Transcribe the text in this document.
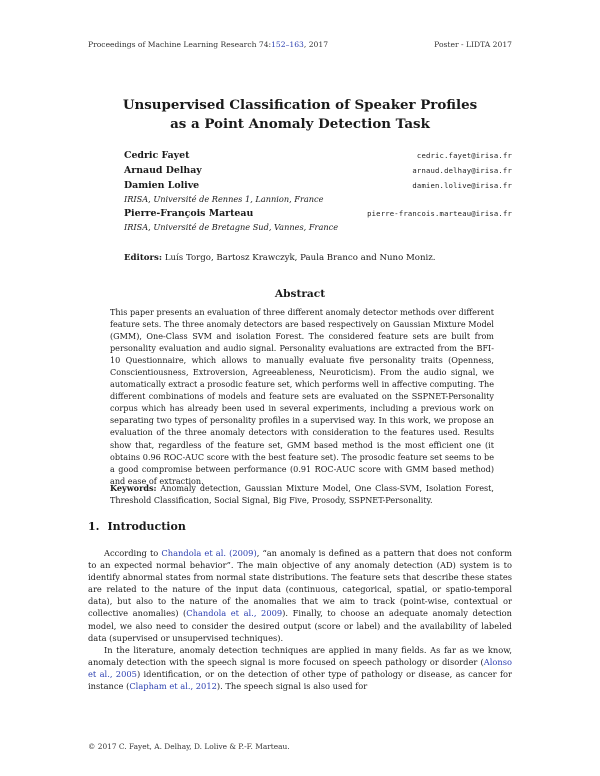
Proceedings of Machine Learning Research 74:152–163, 2017	Poster - LIDTA 2017
Unsupervised Classification of Speaker Profiles
as a Point Anomaly Detection Task
Cedric Fayet	cedric.fayet@irisa.fr
Arnaud Delhay	arnaud.delhay@irisa.fr
Damien Lolive	damien.lolive@irisa.fr
IRISA, Université de Rennes 1, Lannion, France
Pierre-François Marteau	pierre-francois.marteau@irisa.fr
IRISA, Université de Bretagne Sud, Vannes, France
Editors: Luís Torgo, Bartosz Krawczyk, Paula Branco and Nuno Moniz.
Abstract
This paper presents an evaluation of three different anomaly detector methods over different feature sets. The three anomaly detectors are based respectively on Gaussian Mixture Model (GMM), One-Class SVM and isolation Forest. The considered feature sets are built from personality evaluation and audio signal. Personality evaluations are extracted from the BFI-10 Questionnaire, which allows to manually evaluate five personality traits (Openness, Conscientiousness, Extroversion, Agreeableness, Neuroticism). From the audio signal, we automatically extract a prosodic feature set, which performs well in affective computing. The different combinations of models and feature sets are evaluated on the SSPNET-Personality corpus which has already been used in several experiments, including a previous work on separating two types of personality profiles in a supervised way. In this work, we propose an evaluation of the three anomaly detectors with consideration to the features used. Results show that, regardless of the feature set, GMM based method is the most efficient one (it obtains 0.96 ROC-AUC score with the best feature set). The prosodic feature set seems to be a good compromise between performance (0.91 ROC-AUC score with GMM based method) and ease of extraction.
Keywords: Anomaly detection, Gaussian Mixture Model, One Class-SVM, Isolation Forest, Threshold Classification, Social Signal, Big Five, Prosody, SSPNET-Personality.
1. Introduction

According to Chandola et al. (2009), “an anomaly is defined as a pattern that does not conform to an expected normal behavior”. The main objective of any anomaly detection (AD) system is to identify abnormal states from normal state distributions. The feature sets that describe these states are related to the nature of the input data (continuous, categorical, spatial, or spatio-temporal data), but also to the nature of the anomalies that we aim to track (point-wise, contextual or collective anomalies) (Chandola et al., 2009). Finally, to choose an adequate anomaly detection model, we also need to consider the desired output (score or label) and the availability of labeled data (supervised or unsupervised techniques).

In the literature, anomaly detection techniques are applied in many fields. As far as we know, anomaly detection with the speech signal is more focused on speech pathology or disorder (Alonso et al., 2005) identification, or on the detection of other type of pathology or disease, as cancer for instance (Clapham et al., 2012). The speech signal is also used for

© 2017 C. Fayet, A. Delhay, D. Lolive & P.-F. Marteau.
